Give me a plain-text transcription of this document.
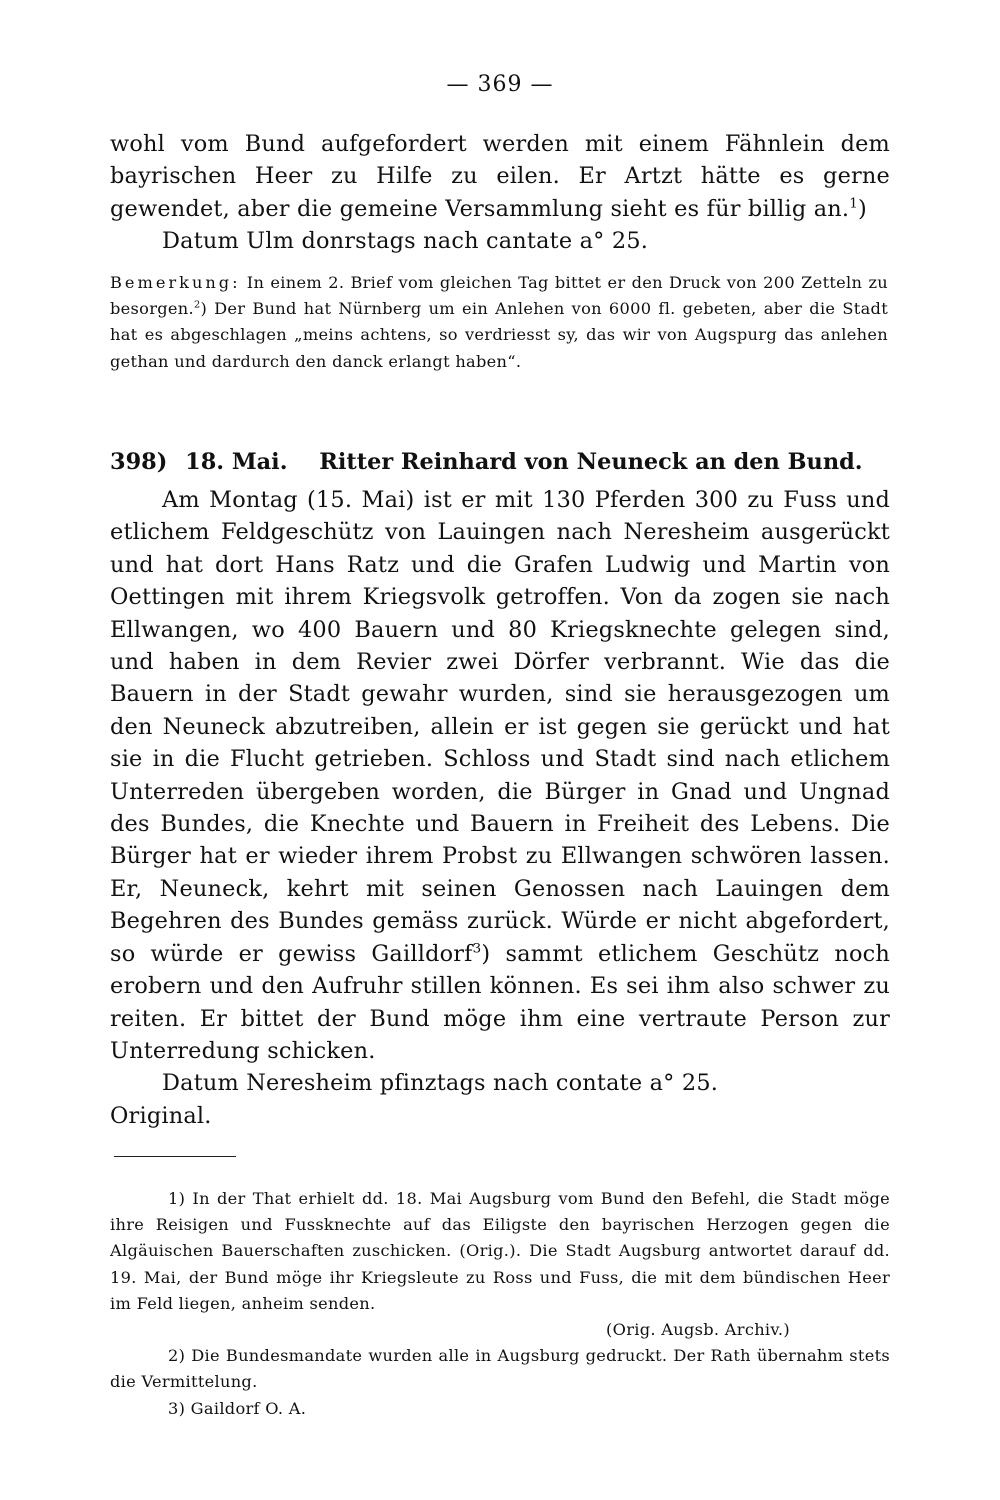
— 369 —

wohl vom Bund aufgefordert werden mit einem Fähnlein dem bayrischen Heer zu Hilfe zu eilen. Er Artzt hätte es gerne gewendet, aber die gemeine Versammlung sieht es für billig an.$^1$)

Datum Ulm donrstags nach cantate a° 25.

Bemerkung: In einem 2. Brief vom gleichen Tag bittet er den Druck von 200 Zetteln zu besorgen.$^2$) Der Bund hat Nürnberg um ein Anlehen von 6000 fl. gebeten, aber die Stadt hat es abgeschlagen „meins achtens, so verdriesst sy, das wir von Augspurg das anlehen gethan und dardurch den danck erlangt haben“.
398) 18. Mai. Ritter Reinhard von Neuneck an den Bund.

Am Montag (15. Mai) ist er mit 130 Pferden 300 zu Fuss und etlichem Feldgeschütz von Lauingen nach Neresheim ausgerückt und hat dort Hans Ratz und die Grafen Ludwig und Martin von Oettingen mit ihrem Kriegsvolk getroffen. Von da zogen sie nach Ellwangen, wo 400 Bauern und 80 Kriegsknechte gelegen sind, und haben in dem Revier zwei Dörfer verbrannt. Wie das die Bauern in der Stadt gewahr wurden, sind sie herausgezogen um den Neuneck abzutreiben, allein er ist gegen sie gerückt und hat sie in die Flucht getrieben. Schloss und Stadt sind nach etlichem Unterreden übergeben worden, die Bürger in Gnad und Ungnad des Bundes, die Knechte und Bauern in Freiheit des Lebens. Die Bürger hat er wieder ihrem Probst zu Ellwangen schwören lassen. Er, Neuneck, kehrt mit seinen Genossen nach Lauingen dem Begehren des Bundes gemäss zurück. Würde er nicht abgefordert, so würde er gewiss Gailldorf$^3$) sammt etlichem Geschütz noch erobern und den Aufruhr stillen können. Es sei ihm also schwer zu reiten. Er bittet der Bund möge ihm eine vertraute Person zur Unterredung schicken.

Datum Neresheim pfinztags nach contate a° 25.

Original.

1) In der That erhielt dd. 18. Mai Augsburg vom Bund den Befehl, die Stadt möge ihre Reisigen und Fussknechte auf das Eiligste den bayrischen Herzogen gegen die Algäuischen Bauerschaften zuschicken. (Orig.). Die Stadt Augsburg antwortet darauf dd. 19. Mai, der Bund möge ihr Kriegsleute zu Ross und Fuss, die mit dem bündischen Heer im Feld liegen, anheim senden.

(Orig. Augsb. Archiv.)

2) Die Bundesmandate wurden alle in Augsburg gedruckt. Der Rath übernahm stets die Vermittelung.

3) Gaildorf O. A.
